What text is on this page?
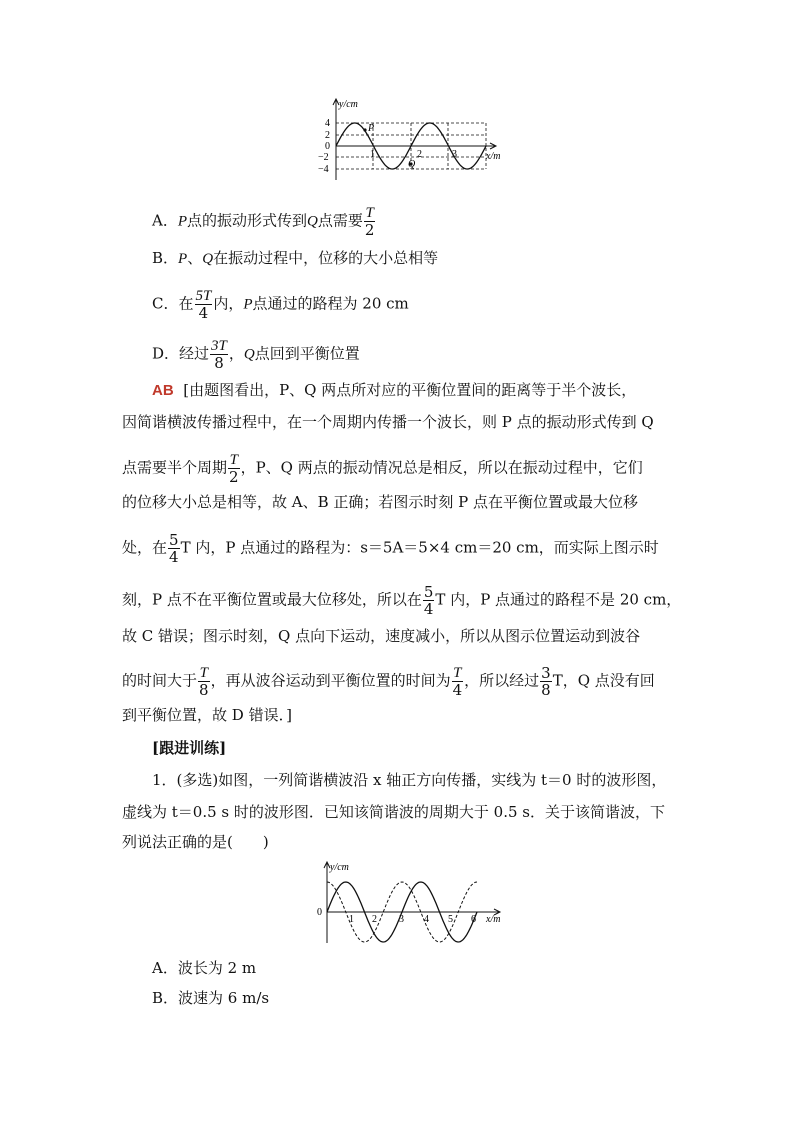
y/cm
x/m
4
2
0
−2
−4
1	2	3
P
Q
A．P点的振动形式传到Q点需要 $\frac{T}{2}$
B．P、Q在振动过程中，位移的大小总相等
C．在 $\frac{5T}{4}$ 内，P点通过的路程为 20 cm
D．经过 $\frac{3T}{8}$ ，Q点回到平衡位置
AB [由题图看出，P、Q 两点所对应的平衡位置间的距离等于半个波长，
因简谐横波传播过程中，在一个周期内传播一个波长，则 P 点的振动形式传到 Q
点需要半个周期 $\frac{T}{2}$ ，P、Q 两点的振动情况总是相反，所以在振动过程中，它们
的位移大小总是相等，故 A、B 正确；若图示时刻 P 点在平衡位置或最大位移
处，在 $\frac{5}{4}$ T 内，P 点通过的路程为：s＝5A＝5×4 cm＝20 cm，而实际上图示时
刻，P 点不在平衡位置或最大位移处，所以在 $\frac{5}{4}$ T 内，P 点通过的路程不是 20 cm，
故 C 错误；图示时刻，Q 点向下运动，速度减小，所以从图示位置运动到波谷
的时间大于 $\frac{T}{8}$ ，再从波谷运动到平衡位置的时间为 $\frac{T}{4}$ ，所以经过 $\frac{3}{8}$ T，Q 点没有回
到平衡位置，故 D 错误．]
[跟进训练]
1．(多选)如图，一列简谐横波沿 x 轴正方向传播，实线为 t＝0 时的波形图，
虚线为 t＝0.5 s 时的波形图．已知该简谐波的周期大于 0.5 s．关于该简谐波，下
列说法正确的是(　　)
y/cm
x/m
0
1 2 3 4 5 6
A．波长为 2 m
B．波速为 6 m/s
